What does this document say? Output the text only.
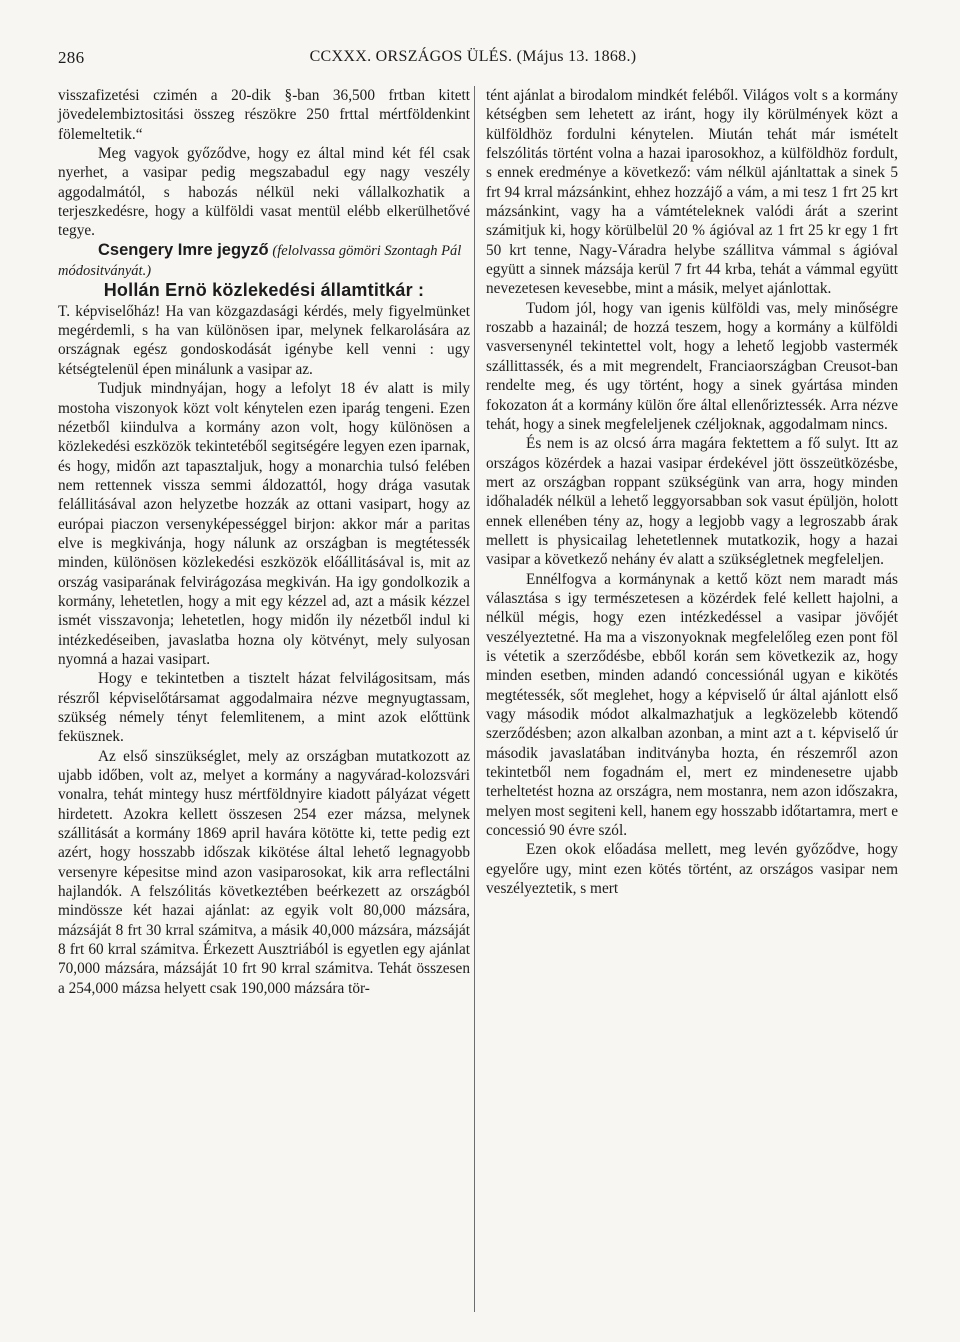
286	CCXXX. ORSZÁGOS ÜLÉS. (Május 13. 1868.)

visszafizetési czimén a 20-dik §-ban 36,500 frtban kitett jövedelembiztositási összeg részökre 250 frttal mértföldenkint fölemeltetik.“

Meg vagyok győződve, hogy ez által mind két fél csak nyerhet, a vasipar pedig megszabadul egy nagy veszély aggodalmától, s habozás nélkül neki vállalkozhatik a terjeszkedésre, hogy a külföldi vasat mentül elébb elkerülhetővé tegye.

Csengery Imre jegyző (felolvassa gömöri Szontagh Pál módositványát.)

Hollán Ernö közlekedési államtitkár :

T. képviselőház! Ha van közgazdasági kérdés, mely figyelmünket megérdemli, s ha van különösen ipar, melynek felkarolására az országnak egész gondoskodását igénybe kell venni : ugy kétségtelenül épen minálunk a vasipar az.

Tudjuk mindnyájan, hogy a lefolyt 18 év alatt is mily mostoha viszonyok közt volt kénytelen ezen iparág tengeni. Ezen nézetből kiindulva a kormány azon volt, hogy különösen a közlekedési eszközök tekintetéből segitségére legyen ezen iparnak, és hogy, midőn azt tapasztaljuk, hogy a monarchia tulsó felében nem rettennek vissza semmi áldozattól, hogy drága vasutak felállitásával azon helyzetbe hozzák az ottani vasipart, hogy az európai piaczon versenyképességgel birjon: akkor már a paritas elve is megkivánja, hogy nálunk az országban is megtétessék minden, különösen közlekedési eszközök előállitásával is, mit az ország vasiparának felvirágozása megkiván. Ha igy gondolkozik a kormány, lehetetlen, hogy a mit egy kézzel ad, azt a másik kézzel ismét visszavonja; lehetetlen, hogy midőn ily nézetből indul ki intézkedéseiben, javaslatba hozna oly kötvényt, mely sulyosan nyomná a hazai vasipart.

Hogy e tekintetben a tisztelt házat felvilágositsam, más részről képviselőtársamat aggodalmaira nézve megnyugtassam, szükség némely tényt felemlitenem, a mint azok előttünk feküsznek.

Az első sinszükséglet, mely az országban mutatkozott az ujabb időben, volt az, melyet a kormány a nagyvárad-kolozsvári vonalra, tehát mintegy husz mértföldnyire kiadott pályázat végett hirdetett. Azokra kellett összesen 254 ezer mázsa, melynek szállitását a kormány 1869 april havára kötötte ki, tette pedig ezt azért, hogy hosszabb időszak kikötése által lehető legnagyobb versenyre képesitse mind azon vasiparosokat, kik arra reflectálni hajlandók. A felszólitás következtében beérkezett az országból mindössze két hazai ajánlat: az egyik volt 80,000 mázsára, mázsáját 8 frt 30 krral számitva, a másik 40,000 mázsára, mázsáját 8 frt 60 krral számitva. Érkezett Ausztriából is egyetlen egy ajánlat 70,000 mázsára, mázsáját 10 frt 90 krral számitva. Tehát összesen a 254,000 mázsa helyett csak 190,000 mázsára tör-

tént ajánlat a birodalom mindkét feléből. Világos volt s a kormány kétségben sem lehetett az iránt, hogy ily körülmények közt a külföldhöz fordulni kénytelen. Miután tehát már ismételt felszólitás történt volna a hazai iparosokhoz, a külföldhöz fordult, s ennek eredménye a következő: vám nélkül ajánltattak a sinek 5 frt 94 krral mázsánkint, ehhez hozzájő a vám, a mi tesz 1 frt 25 krt mázsánkint, vagy ha a vámtételeknek valódi árát a szerint számitjuk ki, hogy körülbelül 20 % ágióval az 1 frt 25 kr egy 1 frt 50 krt tenne, Nagy-Váradra helybe szállitva vámmal s ágióval együtt a sinnek mázsája kerül 7 frt 44 krba, tehát a vámmal együtt nevezetesen kevesebbe, mint a másik, melyet ajánlottak.

Tudom jól, hogy van igenis külföldi vas, mely minőségre roszabb a hazainál; de hozzá teszem, hogy a kormány a külföldi vasversenynél tekintettel volt, hogy a lehető legjobb vastermék szállittassék, és a mit megrendelt, Franciaországban Creusot-ban rendelte meg, és ugy történt, hogy a sinek gyártása minden fokozaton át a kormány külön őre által ellenőriztessék. Arra nézve tehát, hogy a sinek megfeleljenek czéljoknak, aggodalmam nincs.

És nem is az olcsó árra magára fektettem a fő sulyt. Itt az országos közérdek a hazai vasipar érdekével jött összeütközésbe, mert az országban roppant szükségünk van arra, hogy minden időhaladék nélkül a lehető leggyorsabban sok vasut épüljön, holott ennek ellenében tény az, hogy a legjobb vagy a legroszabb árak mellett is physicailag lehetetlennek mutatkozik, hogy a hazai vasipar a következő nehány év alatt a szükségletnek megfeleljen.

Ennélfogva a kormánynak a kettő közt nem maradt más választása s igy természetesen a közérdek felé kellett hajolni, a nélkül mégis, hogy ezen intézkedéssel a vasipar jövőjét veszélyeztetné. Ha ma a viszonyoknak megfelelőleg ezen pont föl is vétetik a szerződésbe, ebből korán sem következik az, hogy minden esetben, minden adandó concessiónál ugyan e kikötés megtétessék, sőt meglehet, hogy a képviselő úr által ajánlott első vagy második módot alkalmazhatjuk a legközelebb kötendő szerződésben; azon alkalban azonban, a mint azt a t. képviselő úr második javaslatában inditványba hozta, én részemről azon tekintetből nem fogadnám el, mert ez mindenesetre ujabb terheltetést hozna az országra, nem mostanra, nem azon időszakra, melyen most segiteni kell, hanem egy hosszabb időtartamra, mert e concessió 90 évre szól.

Ezen okok előadása mellett, meg levén győződve, hogy egyelőre ugy, mint ezen kötés történt, az országos vasipar nem veszélyeztetik, s mert
